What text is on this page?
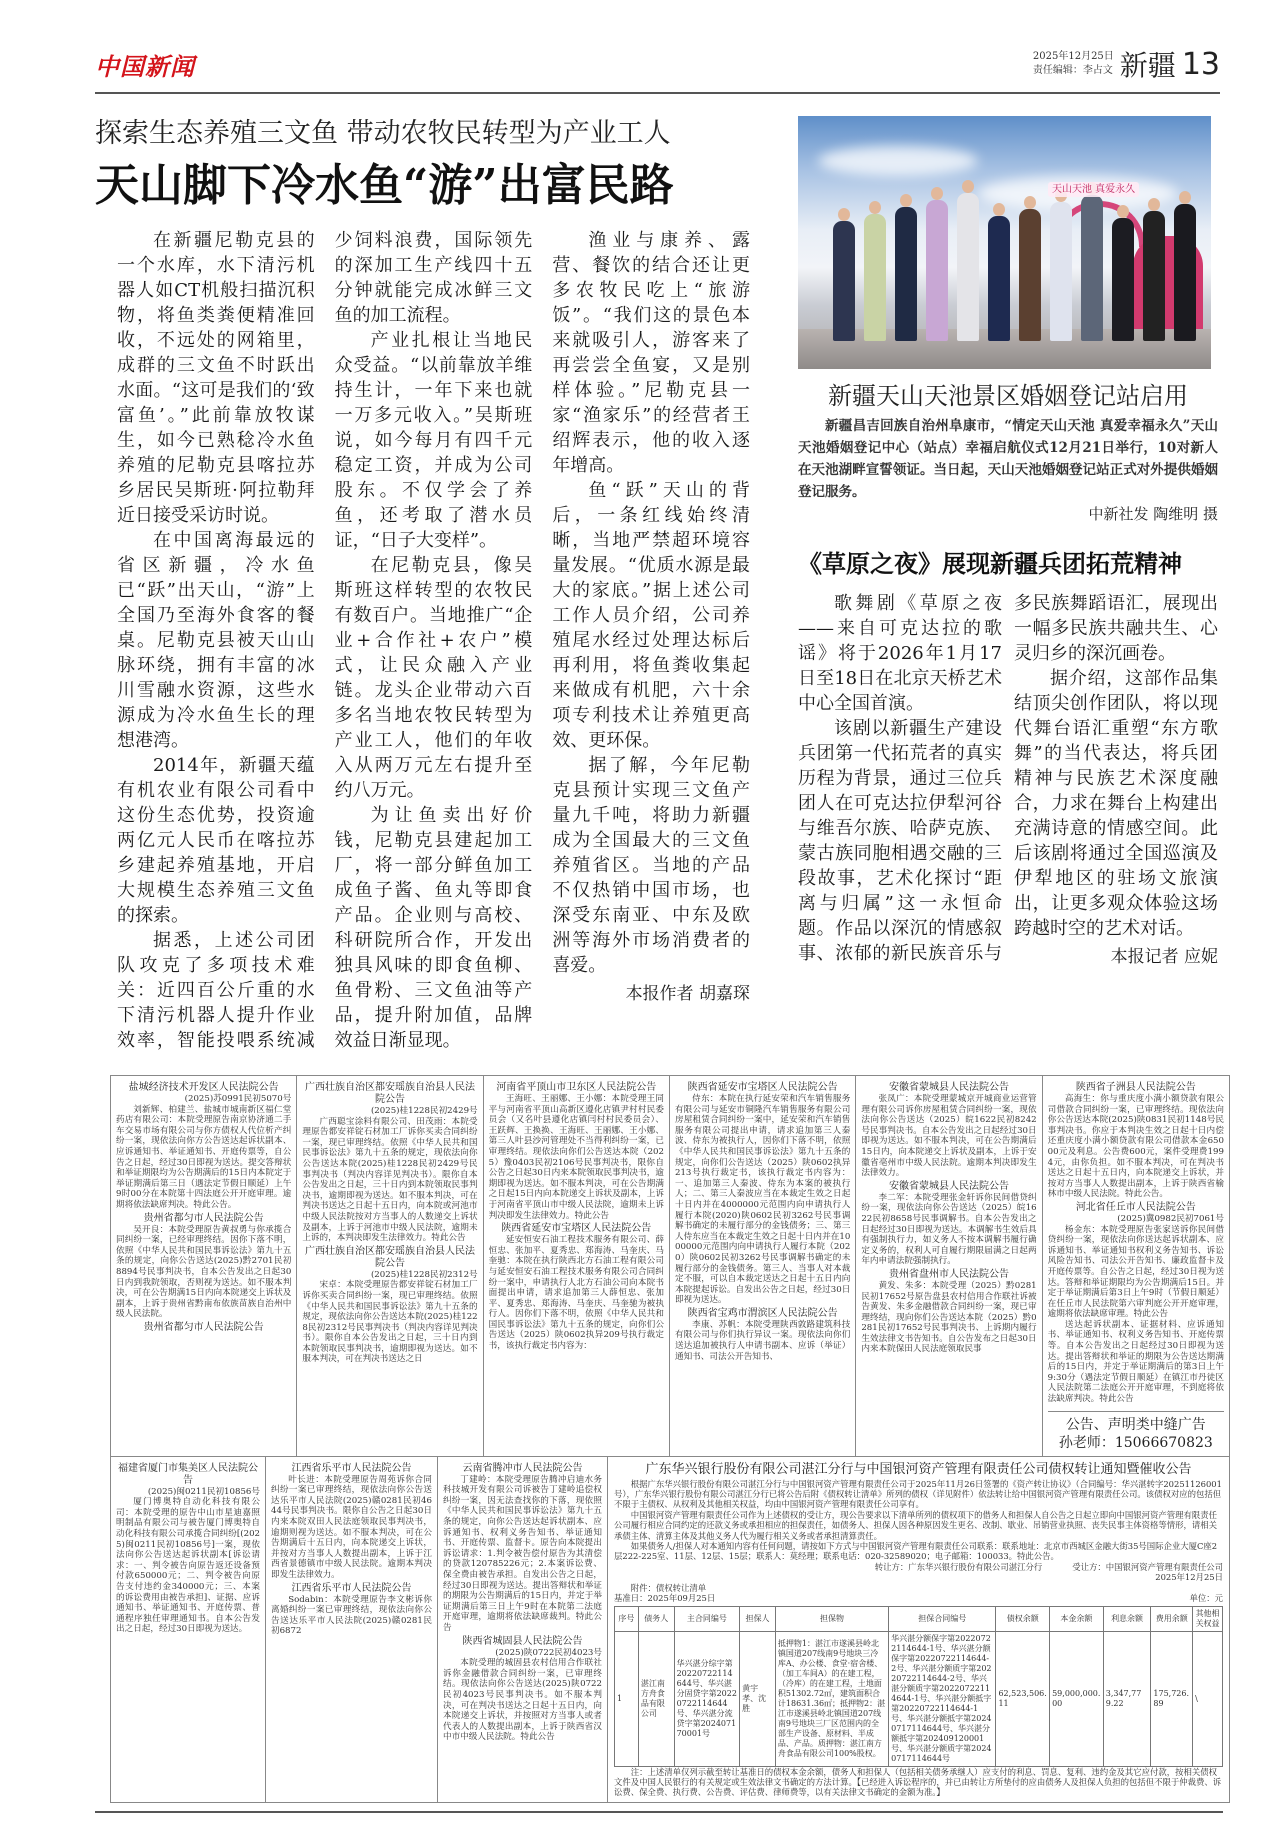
中国新闻	2025年12月25日
责任编辑：李占文 新疆 13
探索生态养殖三文鱼 带动农牧民转型为产业工人
天山脚下冷水鱼“游”出富民路

在新疆尼勒克县的一个水库，水下清污机器人如CT机般扫描沉积物，将鱼类粪便精准回收，不远处的网箱里，成群的三文鱼不时跃出水面。“这可是我们的‘致富鱼’。”此前靠放牧谋生，如今已熟稔冷水鱼养殖的尼勒克县喀拉苏乡居民吴斯班·阿拉勒拜近日接受采访时说。

在中国离海最远的省区新疆，冷水鱼已“跃”出天山，“游”上全国乃至海外食客的餐桌。尼勒克县被天山山脉环绕，拥有丰富的冰川雪融水资源，这些水源成为冷水鱼生长的理想港湾。

2014年，新疆天蕴有机农业有限公司看中这份生态优势，投资逾两亿元人民币在喀拉苏乡建起养殖基地，开启大规模生态养殖三文鱼的探索。

据悉，上述公司团队攻克了多项技术难关：近四百公斤重的水下清污机器人提升作业效率，智能投喂系统减少饲料浪费，国际领先的深加工生产线四十五分钟就能完成冰鲜三文鱼的加工流程。

产业扎根让当地民众受益。“以前靠放羊维持生计，一年下来也就一万多元收入。”吴斯班说，如今每月有四千元稳定工资，并成为公司股东。不仅学会了养鱼，还考取了潜水员证，“日子大变样”。

在尼勒克县，像吴斯班这样转型的农牧民有数百户。当地推广“企业+合作社+农户”模式，让民众融入产业链。龙头企业带动六百多名当地农牧民转型为产业工人，他们的年收入从两万元左右提升至约八万元。

为让鱼卖出好价钱，尼勒克县建起加工厂，将一部分鲜鱼加工成鱼子酱、鱼丸等即食产品。企业则与高校、科研院所合作，开发出独具风味的即食鱼柳、鱼骨粉、三文鱼油等产品，提升附加值，品牌效益日渐显现。

渔业与康养、露营、餐饮的结合还让更多农牧民吃上“旅游饭”。“我们这的景色本来就吸引人，游客来了再尝尝全鱼宴，又是别样体验。”尼勒克县一家“渔家乐”的经营者王绍辉表示，他的收入逐年增高。

鱼“跃”天山的背后，一条红线始终清晰，当地严禁超环境容量发展。“优质水源是最大的家底。”据上述公司工作人员介绍，公司养殖尾水经过处理达标后再利用，将鱼粪收集起来做成有机肥，六十余项专利技术让养殖更高效、更环保。

据了解，今年尼勒克县预计实现三文鱼产量九千吨，将助力新疆成为全国最大的三文鱼养殖省区。当地的产品不仅热销中国市场，也深受东南亚、中东及欧洲等海外市场消费者的喜爱。

本报作者 胡嘉琛

天山天池 真爱永久
新疆天山天池景区婚姻登记站启用
新疆昌吉回族自治州阜康市，“情定天山天池 真爱幸福永久”天山天池婚姻登记中心（站点）幸福启航仪式12月21日举行，10对新人在天池湖畔宣誓领证。当日起，天山天池婚姻登记站正式对外提供婚姻登记服务。
中新社发 陶维明 摄
《草原之夜》展现新疆兵团拓荒精神

歌舞剧《草原之夜——来自可克达拉的歌谣》将于2026年1月17日至18日在北京天桥艺术中心全国首演。

该剧以新疆生产建设兵团第一代拓荒者的真实历程为背景，通过三位兵团人在可克达拉伊犁河谷与维吾尔族、哈萨克族、蒙古族同胞相遇交融的三段故事，艺术化探讨“距离与归属”这一永恒命题。作品以深沉的情感叙事、浓郁的新民族音乐与多民族舞蹈语汇，展现出一幅多民族共融共生、心灵归乡的深沉画卷。

据介绍，这部作品集结顶尖创作团队，将以现代舞台语汇重塑“东方歌舞”的当代表达，将兵团精神与民族艺术深度融合，力求在舞台上构建出充满诗意的情感空间。此后该剧将通过全国巡演及伊犁地区的驻场文旅演出，让更多观众体验这场跨越时空的艺术对话。

本报记者 应妮

盐城经济技术开发区人民法院公告
(2025)苏0991民初5070号

刘新辉、柏建兰、盐城市城南新区福仁堂药店有限公司：本院受理原告南京协济通二手车交易市场有限公司与你方债权人代位析产纠纷一案，现依法向你方公告送达起诉状副本、应诉通知书、举证通知书、开庭传票等，自公告之日起，经过30日即视为送达。提交答辩状和举证期限均为公告期满后的15日内本院定于举证期满后第三日（遇法定节假日顺延）上午9时00分在本院第十四法庭公开开庭审理。逾期将依法缺席判决。特此公告。

贵州省都匀市人民法院公告

吴开良：本院受理原告黄叔勇与你承揽合同纠纷一案，已经审理终结。因你下落不明，依照《中华人民共和国民事诉讼法》第九十五条的规定，向你公告送达(2025)黔2701民初8894号民事判决书，自本公告发出之日起30日内到我院领取，否则视为送达。如不服本判决，可在公告期满15日内向本院递交上诉状及副本，上诉于贵州省黔南布依族苗族自治州中级人民法院。

贵州省都匀市人民法院公告
广西壮族自治区都安瑶族自治县人民法院公告
(2025)桂1228民初2429号

广西聪宝涂料有限公司、田茂雨：本院受理原告都安祥锭石材加工厂诉你买卖合同纠纷一案，现已审理终结。依照《中华人民共和国民事诉讼法》第九十五条的规定，现依法向你公告送达本院(2025)桂1228民初2429号民事判决书（判决内容详见判决书）。限你自本公告发出之日起，三十日内到本院领取民事判决书，逾期即视为送达。如不服本判决，可在判决书送达之日起十五日内，向本院或河池市中级人民法院按对方当事人的人数递交上诉状及副本，上诉于河池市中级人民法院，逾期未上诉的，本判决即发生法律效力。特此公告

广西壮族自治区都安瑶族自治县人民法院公告
(2025)桂1228民初2312号

宋卓：本院受理原告都安祥锭石材加工厂诉你买卖合同纠纷一案，现已审理终结。依照《中华人民共和国民事诉讼法》第九十五条的规定，现依法向你公告送达本院(2025)桂1228民初2312号民事判决书（判决内容详见判决书）。限你自本公告发出之日起，三十日内到本院领取民事判决书，逾期即视为送达。如不服本判决，可在判决书送达之日

河南省平顶山市卫东区人民法院公告

王海旺、王丽娜、王小娜：本院受理王同平与河南省平顶山高新区遵化店镇尹村村民委员会（又名叶县遵化店镇闫村村民委员会）、王跃辉、王换换、王海旺、王丽娜、王小娜、第三人叶县沙河管理处不当得利纠纷一案，已审理终结。现依法向你们公告送达本院（2025）豫0403民初2106号民事判决书，限你自公告之日起30日内来本院领取民事判决书，逾期即视为送达。如不服本判决，可在公告期满之日起15日内向本院递交上诉状及副本，上诉于河南省平顶山市中级人民法院，逾期未上诉判决即发生法律效力。特此公告

陕西省延安市宝塔区人民法院公告

延安恒安石油工程技术服务有限公司、薛恒忠、张加平、夏秀忠、郑海涛、马奎庆、马奎驰：本院在执行陕西北方石油工程有限公司与延安恒安石油工程技术服务有限公司合同纠纷一案中，申请执行人北方石油公司向本院书面提出申请，请求追加第三人薛恒忠、张加平、夏秀忠、郑海涛、马奎庆、马奎驰为被执行人。因你们下落不明，依照《中华人民共和国民事诉讼法》第九十五条的规定，向你们公告送达（2025）陕0602执异209号执行裁定书，该执行裁定书内容为：

陕西省延安市宝塔区人民法院公告

侍东：本院在执行延安荣和汽车销售服务有限公司与延安市铜隆汽车销售服务有限公司房屋租赁合同纠纷一案中，延安荣和汽车销售服务有限公司提出申请，请求追加第三人秦波、侍东为被执行人，因你们下落不明，依照《中华人民共和国民事诉讼法》第九十五条的规定，向你们公告送达（2025）陕0602执异213号执行裁定书，该执行裁定书内容为：一、追加第三人秦波、侍东为本案的被执行人；二、第三人秦波应当在本裁定生效之日起十日内并在4000000元范围内向申请执行人履行本院(2020)陕0602民初3262号民事调解书确定的未履行部分的金钱债务；三、第三人侍东应当在本裁定生效之日起十日内并在1000000元范围内向申请执行人履行本院（2020）陕0602民初3262号民事调解书确定的未履行部分的金钱债务。第三人、当事人对本裁定不服，可以自本裁定送达之日起十五日内向本院提起诉讼。自发出公告之日起，经过30日即视为送达。

陕西省宝鸡市渭滨区人民法院公告

李康、苏帆：本院受理陕西敦路建筑科技有限公司与你们执行异议一案。现依法向你们送达追加被执行人申请书副本、应诉（举证）通知书、司法公开告知书、

安徽省蒙城县人民法院公告

张凤广：本院受理蒙城京开城商业运营管理有限公司诉你房屋租赁合同纠纷一案，现依法向你公告送达（2025）皖1622民初8242号民事判决书。自本公告发出之日起经过30日即视为送达。如不服本判决，可在公告期满后15日内，向本院递交上诉状及副本，上诉于安徽省亳州市中级人民法院。逾期本判决即发生法律效力。

安徽省蒙城县人民法院公告

李二军：本院受理张金轩诉你民间借贷纠纷一案，现依法向你公告送达（2025）皖1622民初8658号民事调解书。自本公告发出之日起经过30日即视为送达。本调解书生效后具有强制执行力，如义务人不按本调解书履行确定义务的，权利人可自履行期限届满之日起两年内申请法院强制执行。

贵州省盘州市人民法院公告

黄发、朱多：本院受理（2025）黔0281民初17652号原告盘县农村信用合作联社诉被告黄发、朱多金融借款合同纠纷一案，现已审理终结，现向你们公告送达本院（2025）黔0281民初17652号民事判决书、上诉期内履行生效法律文书告知书。自公告发布之日起30日内来本院保田人民法庭领取民事

陕西省子洲县人民法院公告

高海生：你与重庆度小满小额贷款有限公司借款合同纠纷一案，已审理终结。现依法向你公告送达本院(2025)陕0831民初1148号民事判决书。你应于本判决生效之日起十日内偿还重庆度小满小额贷款有限公司借款本金65000元及利息。公告费600元，案件受理费1994元，由你负担。如不服本判决，可在判决书送达之日起十五日内，向本院递交上诉状，并按对方当事人人数提出副本，上诉于陕西省榆林市中级人民法院。特此公告。

河北省任丘市人民法院公告
(2025)冀0982民初7061号

杨金东：本院受理原告张家送诉你民间借贷纠纷一案，现依法向你送达起诉状副本、应诉通知书、举证通知书权利义务告知书、诉讼风险告知书、司法公开告知书、廉政监督卡及开庭传票等。自公告之日起，经过30日视为送达。答辩和举证期限均为公告期满后15日。并定于举证期满后第3日上午9时（节假日顺延）在任丘市人民法院第六审判庭公开开庭审理，逾期将依法缺席审理。特此公告

送达起诉状副本、证据材料、应诉通知书、举证通知书、权利义务告知书、开庭传票等。自本公告发出之日起经过30日即视为送达。提出答辩状和举证的期限为公告送达期满后的15日内，并定于举证期满后的第3日上午9:30分（遇法定节假日顺延）在镇江市丹徒区人民法院第二法庭公开开庭审理，不到庭将依法缺席判决。特此公告

公告、声明类中缝广告
孙老师：15066670823
福建省厦门市集美区人民法院公告
(2025)闽0211民初10856号

厦门博奥特自动化科技有限公司：本院受理的原告中山市星迪嘉照明制品有限公司与被告厦门博奥特自动化科技有限公司承揽合同纠纷[(2025)闽0211民初10856号]一案，现依法向你公告送达起诉状副本[诉讼请求：一、判令被告向原告返还设备预付款650000元；二、判令被告向原告支付违约金340000元；三、本案的诉讼费用由被告承担]、证据、应诉通知书、举证通知书、开庭传票、普通程序独任审理通知书。自本公告发出之日起，经过30日即视为送达。

江西省乐平市人民法院公告

叶长进：本院受理原告周苑诉你合同纠纷一案已审理终结，现依法向你公告送达乐平市人民法院(2025)赣0281民初4644号民事判决书。限你自公告之日起30日内来本院双田人民法庭领取民事判决书，逾期则视为送达。如不服本判决，可在公告期满后十五日内，向本院递交上诉状，并按对方当事人人数提出副本，上诉于江西省景德镇市中级人民法院。逾期本判决即发生法律效力。

江西省乐平市人民法院公告

Sodabin：本院受理原告李文彬诉你离婚纠纷一案已审理终结，现依法向你公告送达乐平市人民法院(2025)赣0281民初6872

云南省腾冲市人民法院公告

丁建岭：本院受理原告腾冲启迪水务科技城开发有限公司诉被告丁建岭追偿权纠纷一案，因无法查找你的下落，现依照《中华人民共和国民事诉讼法》第九十五条的规定，向你公告送达起诉状副本、应诉通知书、权利义务告知书、举证通知书、开庭传票、监督卡。原告向本院提出诉讼请求：1.判令被告偿付原告为其清偿的贷款120785226元；2.本案诉讼费、保全费由被告承担。自发出公告之日起，经过30日即视为送达。提出答辩状和举证的期限为公告期满后的15日内，并定于举证期满后第三日上午9时在本院第二法庭开庭审理，逾期将依法缺席裁判。特此公告

陕西省城固县人民法院公告
(2025)陕0722民初4023号

本院受理的城固县农村信用合作联社诉你金融借款合同纠纷一案，已审理终结。现依法向你公告送达(2025)陕0722民初4023号民事判决书。如不服本判决，可在判决书送达之日起十五日内，向本院递交上诉状，并按照对方当事人或者代表人的人数提出副本，上诉于陕西省汉中市中级人民法院。特此公告

广东华兴银行股份有限公司湛江分行与中国银河资产管理有限责任公司债权转让通知暨催收公告

根据广东华兴银行股份有限公司湛江分行与中国银河资产管理有限责任公司于2025年11月26日签署的《资产转让协议》（合同编号：华兴湛转字20251126001号），广东华兴银行股份有限公司湛江分行已将公告后附《债权转让清单》所列的债权（详见附件）依法转让给中国银河资产管理有限责任公司。该债权对应的包括但不限于主债权、从权利及其他相关权益，均由中国银河资产管理有限责任公司享有。

中国银河资产管理有限责任公司作为上述债权的受让方，现公告要求以下清单所列的债权项下的借务人和担保人自公告之日起立即向中国银河资产管理有限责任公司履行相应合同约定的还款义务或承担相应的担保责任，如债务人、担保人因各种原因发生更名、改制、歇业、吊销营业执照、丧失民事主体资格等情形，请相关承债主体、清算主体及其他义务人代为履行相关义务或者承担清算责任。

如果债务人/担保人对本通知内容有任何问题，请按如下方式与中国银河资产管理有限责任公司联系：联系地址：北京市西城区金融大街35号国际企业大厦C座2层222-225室、11层、12层、15层；联系人：莫经理；联系电话：020-32589020；电子邮箱：100033。特此公告。

转让方：广东华兴银行股份有限公司湛江分行	受让方：中国银河资产管理有限责任公司

2025年12月25日

附件：债权转让清单

基准日：2025年09月25日	单位：元
序号	债务人	主合同编号	担保人	担保物	担保合同编号	债权余额	本金余额	利息余额	费用余额	其他相关权益
1	湛江南方舟食品有限公司	华兴湛分综字第20220722114644号、华兴湛分固贷字第20220722114644号、华兴湛分流贷字第202407170001号	黄宇孝、沈胜	抵押物1：湛江市遂溪县岭北镇国道207线南9号地块三冷库A、办公楼、食堂·宿舍楼、（加工车间A）的在建工程，（冷库）的在建工程，土地面积51302.72㎡，建筑面积合计18631.36㎡；抵押物2：湛江市遂溪县岭北镇国道207线南9号地块三厂区范围内的全部生产设备、原材料、半成品、产品。质押物：湛江南方舟食品有限公司100%股权。	华兴湛分额保字第20220722114644-1号、华兴湛分额保字第20220722114644-2号、华兴湛分额质字第20220722114644-2号、华兴湛分额质字第20220722114644-1号、华兴湛分额抵字第20220722114644-1号、华兴湛分额抵字第20240717114644号、华兴湛分额抵字第202409120001号、华兴湛分额质字第20240717114644号	62,523,506.11	59,000,000.00	3,347,779.22	175,726.89	\

注：上述清单仅列示截至转让基准日的债权本金余额，债务人和担保人（包括相关债务承继人）应支付的利息、罚息、复利、违约金及其它应付款，按相关债权文件及中国人民银行的有关规定或生效法律文书确定的方法计算。【已经进入诉讼程序的，并已由转让方所垫付的应由债务人及担保人负担的包括但不限于仲裁费、诉讼费、保全费、执行费、公告费、评估费、律师费等，以有关法律文书确定的金额为准。】
